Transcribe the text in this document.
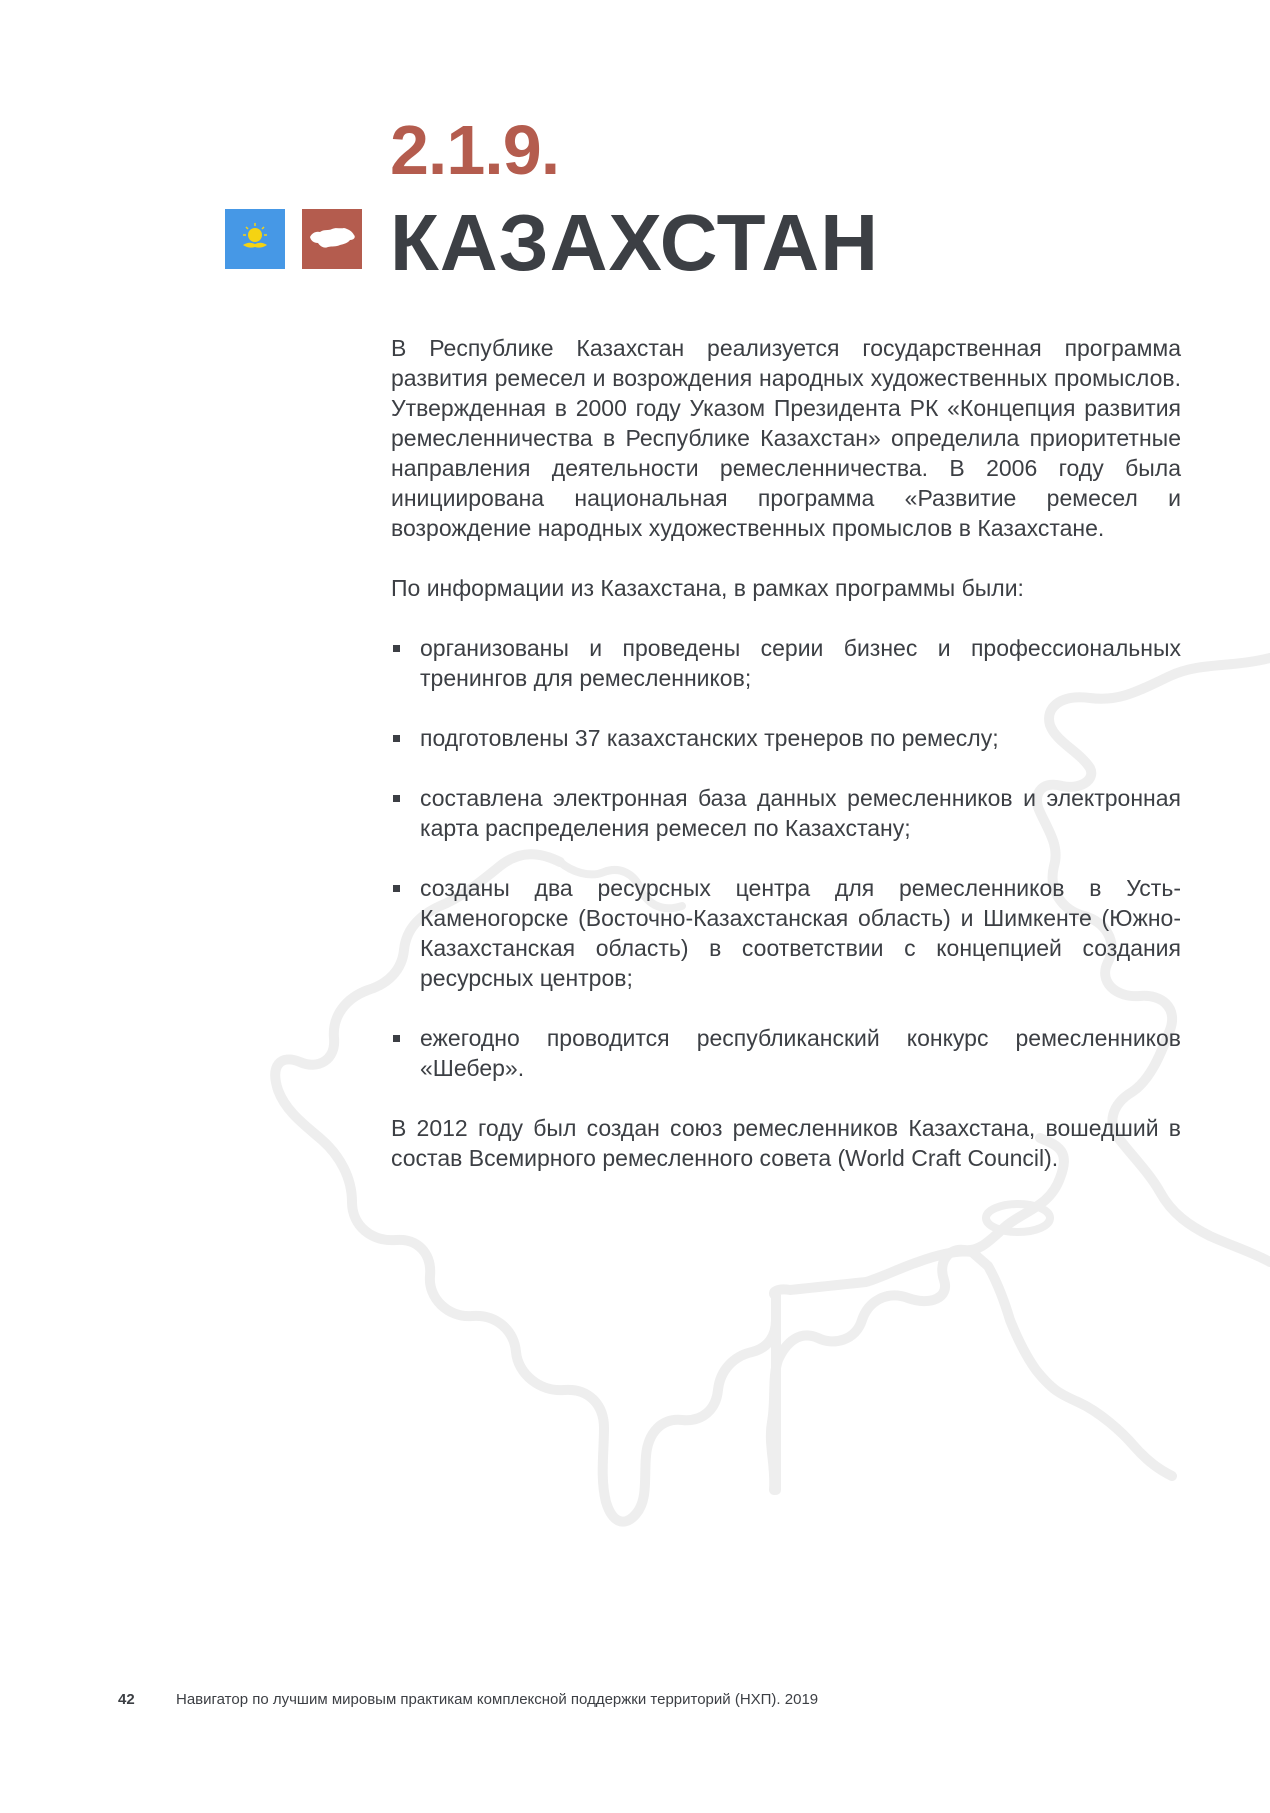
2.1.9.
КАЗАХСТАН

В Республике Казахстан реализуется государственная программа развития ремесел и возрождения народных художественных промыслов. Утвержденная в 2000 году Указом Президента РК «Концепция развития ремесленничества в Республике Казахстан» определила приоритетные направления деятельности ремесленничества. В 2006 году была инициирована национальная программа «Развитие ремесел и возрождение народных художественных промыслов в Казахстане.

По информации из Казахстана, в рамках программы были:

организованы и проведены серии бизнес и профессиональных тренингов для ремесленников;
подготовлены 37 казахстанских тренеров по ремеслу;
составлена электронная база данных ремесленников и электронная карта распределения ремесел по Казахстану;
созданы два ресурсных центра для ремесленников в Усть-Каменогорске (Восточно-Казахстанская область) и Шимкенте (Южно-Казахстанская область) в соответствии с концепцией создания ресурсных центров;
ежегодно проводится республиканский конкурс ремесленников «Шебер».

В 2012 году был создан союз ремесленников Казахстана, вошедший в состав Всемирного ремесленного совета (World Craft Council).

42	Навигатор по лучшим мировым практикам комплексной поддержки территорий (НХП). 2019
